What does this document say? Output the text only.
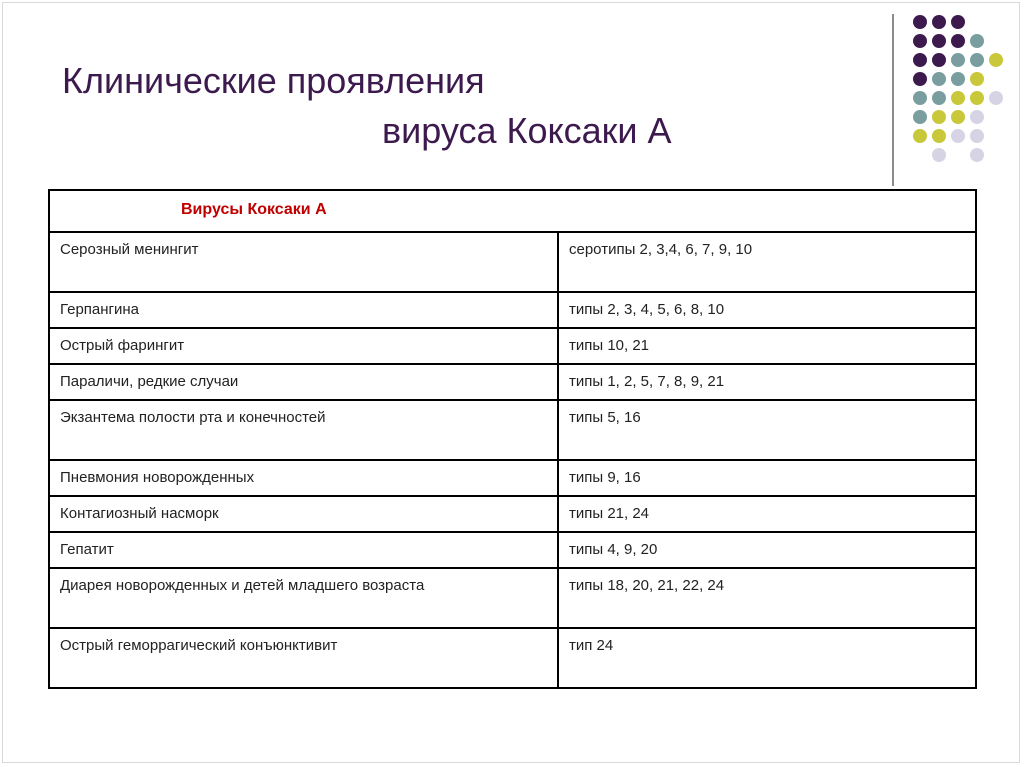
Клинические проявления
вируса Коксаки А
Вирусы Коксаки А	
Серозный менингит	серотипы 2, 3,4, 6, 7, 9, 10
Герпангина	типы 2, 3, 4, 5, 6, 8, 10
Острый фарингит	типы 10, 21
Параличи, редкие случаи	типы 1, 2, 5, 7, 8, 9, 21
Экзантема полости рта и конечностей	типы 5, 16
Пневмония новорожденных	типы 9, 16
Контагиозный насморк	типы 21, 24
Гепатит	типы 4, 9, 20
Диарея новорожденных и детей младшего возраста	типы 18, 20, 21, 22, 24
Острый геморрагический конъюнктивит	тип 24
